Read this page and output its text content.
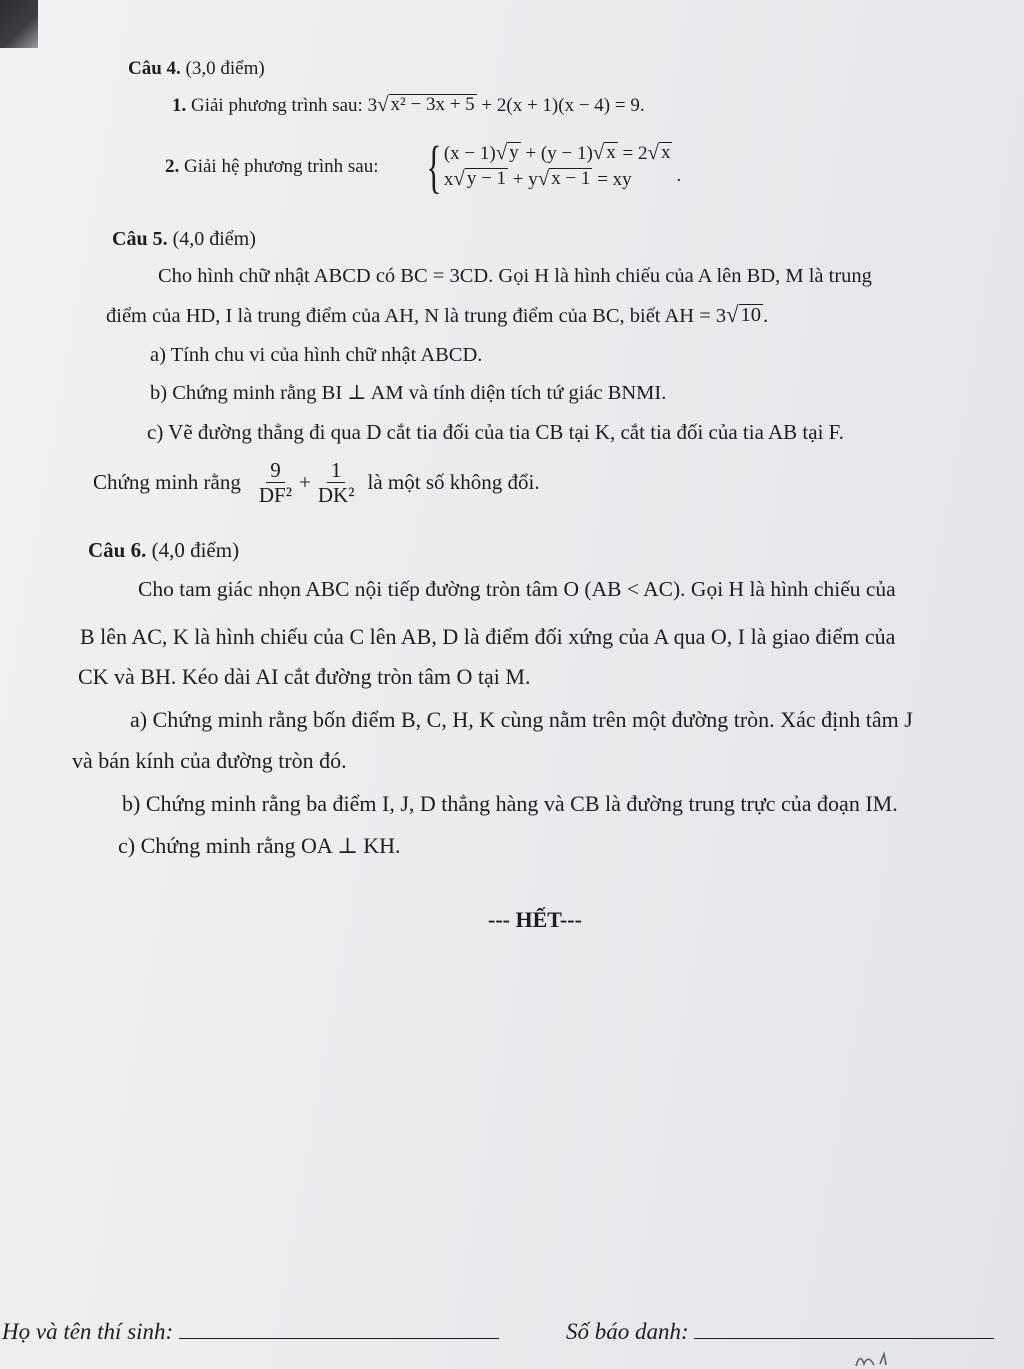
Câu 4. (3,0 điểm)
1. Giải phương trình sau: 3 √ x² − 3x + 5 + 2(x + 1)(x − 4) = 9.
2. Giải hệ phương trình sau: { (x − 1) √ y + (y − 1) √ x = 2 √ x
x √ y − 1 + y √ x − 1 = xy	.
Câu 5. (4,0 điểm)
Cho hình chữ nhật ABCD có BC = 3CD. Gọi H là hình chiếu của A lên BD, M là trung
điểm của HD, I là trung điểm của AH, N là trung điểm của BC, biết AH = 3 √ 10 .
a) Tính chu vi của hình chữ nhật ABCD.
b) Chứng minh rằng BI ⊥ AM và tính diện tích tứ giác BNMI.
c) Vẽ đường thẳng đi qua D cắt tia đối của tia CB tại K, cắt tia đối của tia AB tại F.
Chứng minh rằng $\frac{9}{\text{DF²}} + \frac{1}{\text{DK²}}$ là một số không đổi.
Câu 6. (4,0 điểm)
Cho tam giác nhọn ABC nội tiếp đường tròn tâm O (AB < AC). Gọi H là hình chiếu của
B lên AC, K là hình chiếu của C lên AB, D là điểm đối xứng của A qua O, I là giao điểm của
CK và BH. Kéo dài AI cắt đường tròn tâm O tại M.
a) Chứng minh rằng bốn điểm B, C, H, K cùng nằm trên một đường tròn. Xác định tâm J
và bán kính của đường tròn đó.
b) Chứng minh rằng ba điểm I, J, D thẳng hàng và CB là đường trung trực của đoạn IM.
c) Chứng minh rằng OA ⊥ KH.
--- HẾT---
Họ và tên thí sinh:	Số báo danh:
